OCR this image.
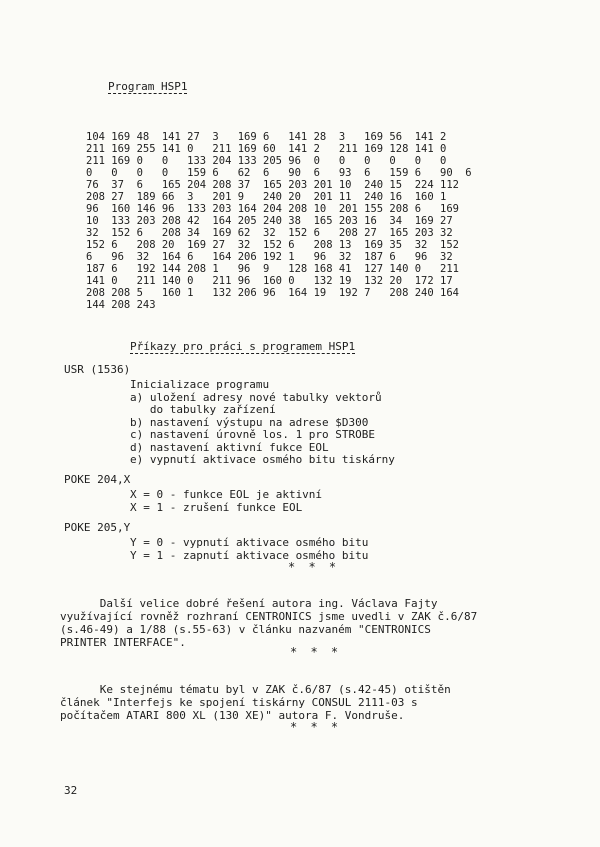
Program HSP1
104 169 48  141 27  3   169 6   141 28  3   169 56  141 2
211 169 255 141 0   211 169 60  141 2   211 169 128 141 0
211 169 0   0   133 204 133 205 96  0   0   0   0   0   0
0   0   0   0   159 6   62  6   90  6   93  6   159 6   90  6
76  37  6   165 204 208 37  165 203 201 10  240 15  224 112
208 27  189 66  3   201 9   240 20  201 11  240 16  160 1
96  160 146 96  133 203 164 204 208 10  201 155 208 6   169
10  133 203 208 42  164 205 240 38  165 203 16  34  169 27
32  152 6   208 34  169 62  32  152 6   208 27  165 203 32
152 6   208 20  169 27  32  152 6   208 13  169 35  32  152
6   96  32  164 6   164 206 192 1   96  32  187 6   96  32
187 6   192 144 208 1   96  9   128 168 41  127 140 0   211
141 0   211 140 0   211 96  160 0   132 19  132 20  172 17
208 208 5   160 1   132 206 96  164 19  192 7   208 240 164
144 208 243
Příkazy pro práci s programem HSP1
USR (1536)
Inicializace programu
a) uložení adresy nové tabulky vektorů
do tabulky zařízení
b) nastavení výstupu na adrese $D300
c) nastavení úrovně los. 1 pro STROBE
d) nastavení aktivní fukce EOL
e) vypnutí aktivace osmého bitu tiskárny
POKE 204,X
X = 0 - funkce EOL je aktivní
X = 1 - zrušení funkce EOL
POKE 205,Y
Y = 0 - vypnutí aktivace osmého bitu
Y = 1 - zapnutí aktivace osmého bitu
* * *
Další velice dobré řešení autora ing. Václava Fajty
využívající rovněž rozhraní CENTRONICS jsme uvedli v ZAK č.6/87
(s.46-49) a 1/88 (s.55-63) v článku nazvaném "CENTRONICS
PRINTER INTERFACE".
* * *
Ke stejnému tématu byl v ZAK č.6/87 (s.42-45) otištěn
článek "Interfejs ke spojení tiskárny CONSUL 2111-03 s
počítačem ATARI 800 XL (130 XE)" autora F. Vondruše.
* * *
32
